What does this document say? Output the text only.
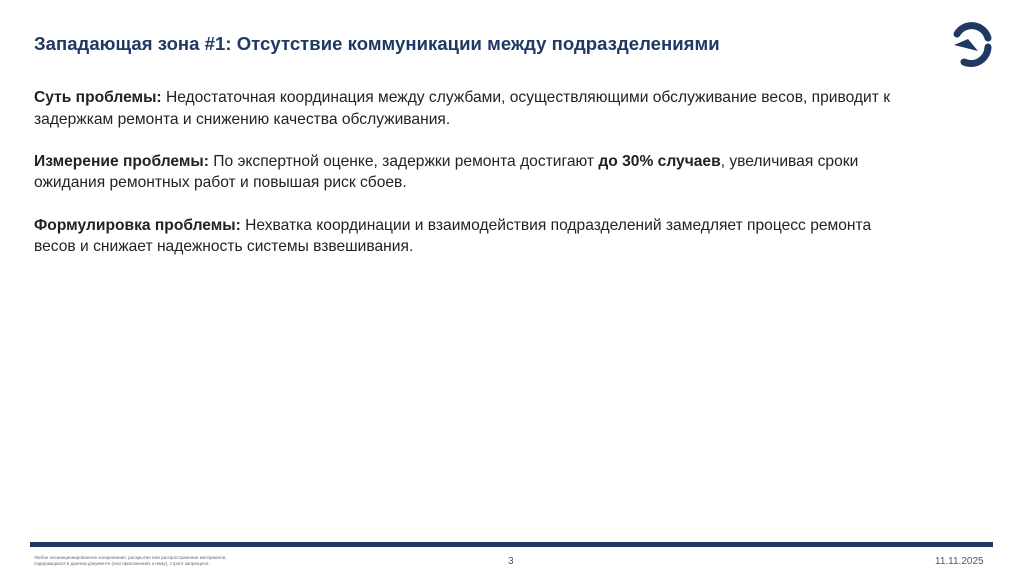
Западающая зона #1: Отсутствие коммуникации между подразделениями

Суть проблемы: Недостаточная координация между службами, осуществляющими обслуживание весов, приводит к задержкам ремонта и снижению качества обслуживания.

Измерение проблемы: По экспертной оценке, задержки ремонта достигают до 30% случаев, увеличивая сроки ожидания ремонтных работ и повышая риск сбоев.

Формулировка проблемы: Нехватка координации и взаимодействия подразделений замедляет процесс ремонта весов и снижает надежность системы взвешивания.

Любое несанкционированное копирование, раскрытие или распространение материалов,
содержащихся в данном документе (или приложениях к нему), строго запрещено.	3	11.11.2025
